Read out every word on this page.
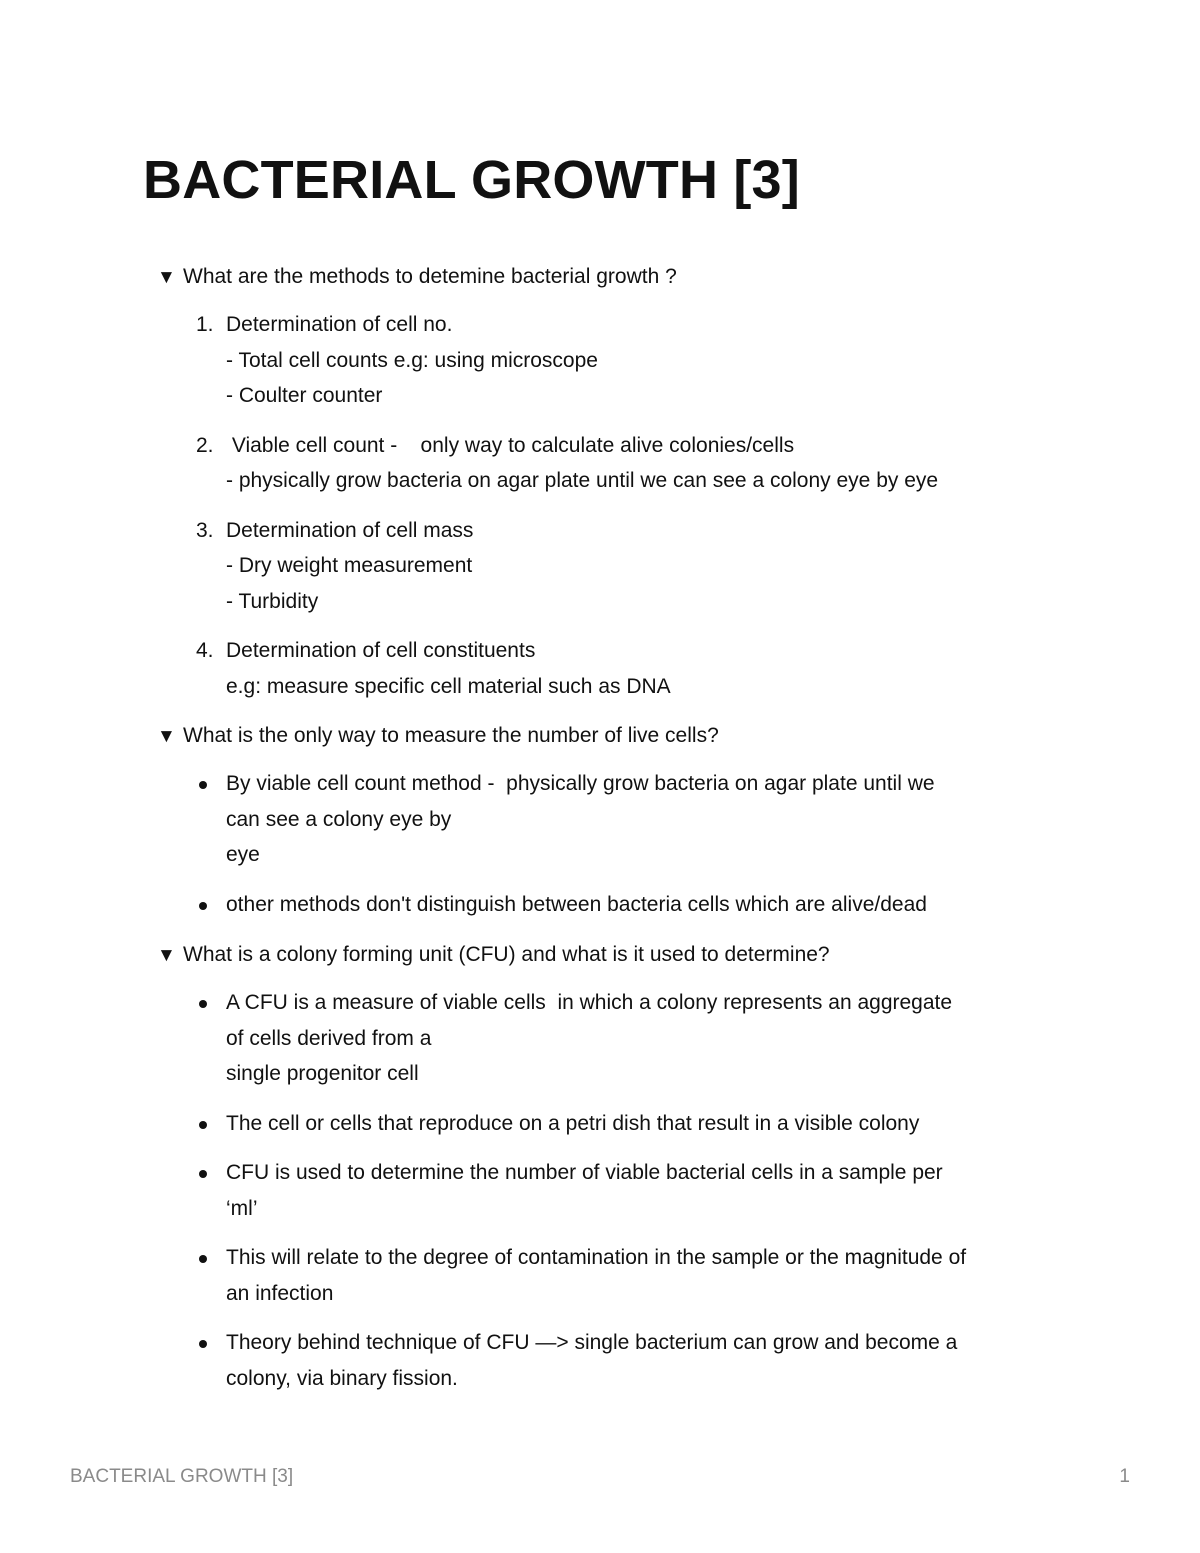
BACTERIAL GROWTH [3]
▼ What are the methods to detemine bacterial growth ?
1. Determination of cell no.
- Total cell counts e.g: using microscope
- Coulter counter
2. Viable cell count -    only way to calculate alive colonies/cells
- physically grow bacteria on agar plate until we can see a colony eye by eye
3. Determination of cell mass
- Dry weight measurement
- Turbidity
4. Determination of cell constituents
e.g: measure specific cell material such as DNA
▼ What is the only way to measure the number of live cells?
By viable cell count method -  physically grow bacteria on agar plate until we
can see a colony eye by
eye
other methods don't distinguish between bacteria cells which are alive/dead
▼ What is a colony forming unit (CFU) and what is it used to determine?
A CFU is a measure of viable cells  in which a colony represents an aggregate
of cells derived from a
single progenitor cell
The cell or cells that reproduce on a petri dish that result in a visible colony
CFU is used to determine the number of viable bacterial cells in a sample per
‘ml’
This will relate to the degree of contamination in the sample or the magnitude of
an infection
Theory behind technique of CFU —> single bacterium can grow and become a
colony, via binary fission.
BACTERIAL GROWTH [3]	1
